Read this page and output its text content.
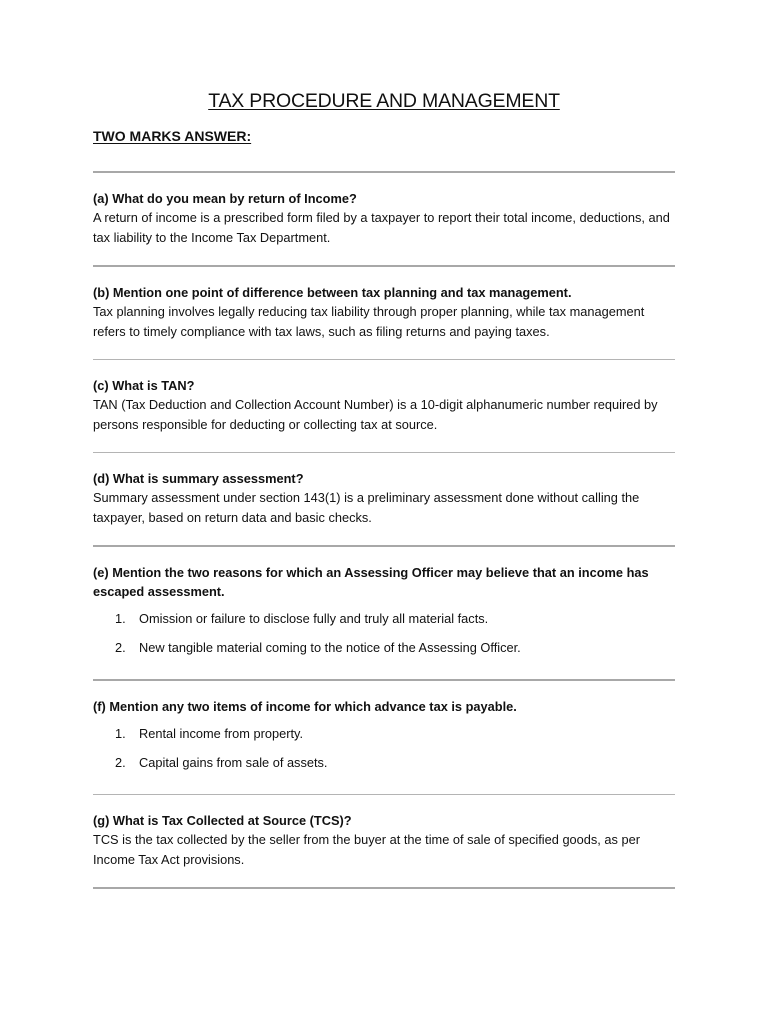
TAX PROCEDURE AND MANAGEMENT
TWO MARKS ANSWER:

(a) What do you mean by return of Income?

A return of income is a prescribed form filed by a taxpayer to report their total income, deductions, and tax liability to the Income Tax Department.

(b) Mention one point of difference between tax planning and tax management.

Tax planning involves legally reducing tax liability through proper planning, while tax management refers to timely compliance with tax laws, such as filing returns and paying taxes.

(c) What is TAN?

TAN (Tax Deduction and Collection Account Number) is a 10-digit alphanumeric number required by persons responsible for deducting or collecting tax at source.

(d) What is summary assessment?

Summary assessment under section 143(1) is a preliminary assessment done without calling the taxpayer, based on return data and basic checks.

(e) Mention the two reasons for which an Assessing Officer may believe that an income has escaped assessment.

1.	Omission or failure to disclose fully and truly all material facts.
2.	New tangible material coming to the notice of the Assessing Officer.

(f) Mention any two items of income for which advance tax is payable.

1.	Rental income from property.
2.	Capital gains from sale of assets.

(g) What is Tax Collected at Source (TCS)?

TCS is the tax collected by the seller from the buyer at the time of sale of specified goods, as per Income Tax Act provisions.
